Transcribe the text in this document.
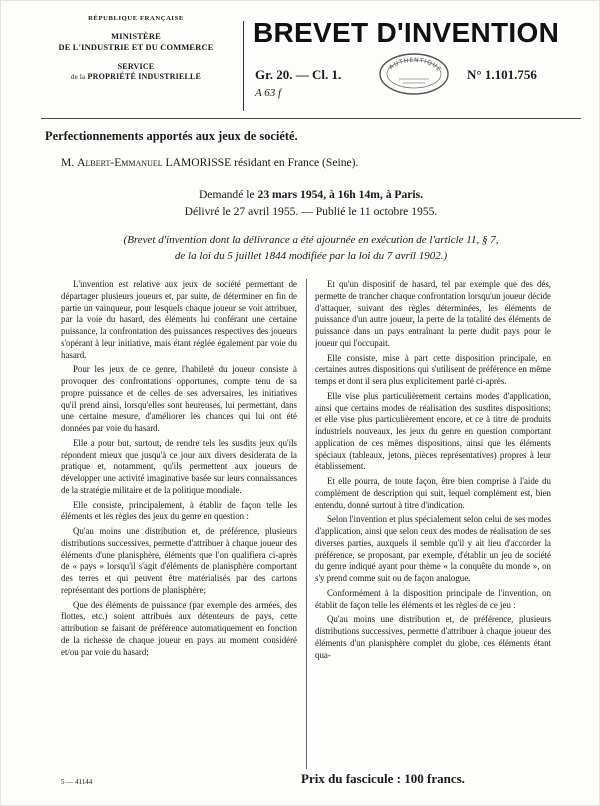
RÉPUBLIQUE FRANÇAISE
MINISTÈRE
DE L'INDUSTRIE ET DU COMMERCE
SERVICE
de la PROPRIÉTÉ INDUSTRIELLE
BREVET D'INVENTION
Gr. 20. — Cl. 1.
A 63 f
N° 1.101.756
AUTHENTIQUE
Perfectionnements apportés aux jeux de société.
M. Albert-Emmanuel LAMORISSE résidant en France (Seine).
Demandé le 23 mars 1954, à 16h 14m, à Paris.
Délivré le 27 avril 1955. — Publié le 11 octobre 1955.
(Brevet d'invention dont la délivrance a été ajournée en exécution de l'article 11, § 7,
de la loi du 5 juillet 1844 modifiée par la loi du 7 avril 1902.)

L'invention est relative aux jeux de société permettant de départager plusieurs joueurs et, par suite, de déterminer en fin de partie un vainqueur, pour lesquels chaque joueur se voit attribuer, par la voie du hasard, des éléments lui conférant une certaine puissance, la confrontation des puissances respectives des joueurs s'opérant à leur initiative, mais étant réglée également par voie du hasard.

Pour les jeux de ce genre, l'habileté du joueur consiste à provoquer des confrontations opportunes, compte tenu de sa propre puissance et de celles de ses adversaires, les initiatives qu'il prend ainsi, lorsqu'elles sont heureuses, lui permettant, dans une certaine mesure, d'améliorer les chances qui lui ont été données par voie du hasard.

Elle a pour but, surtout, de rendre tels les susdits jeux qu'ils répondent mieux que jusqu'à ce jour aux divers desiderata de la pratique et, notamment, qu'ils permettent aux joueurs de développer une activité imaginative basée sur leurs connaissances de la stratégie militaire et de la politique mondiale.

Elle consiste, principalement, à établir de façon telle les éléments et les règles des jeux du genre en question :

Qu'au moins une distribution et, de préférence, plusieurs distributions successives, permette d'attribuer à chaque joueur des éléments d'une planisphère, éléments que l'on qualifiera ci-après de « pays » lorsqu'il s'agit d'éléments de planisphère comportant des terres et qui peuvent être matérialisés par des cartons représentant des portions de planisphère;

Que des éléments de puissance (par exemple des armées, des flottes, etc.) soient attribués aux détenteurs de pays, cette attribution se faisant de préférence automatiquement en fonction de la richesse de chaque joueur en pays au moment considéré et/ou par voie du hasard;

Et qu'un dispositif de hasard, tel par exemple que des dés, permette de trancher chaque confrontation lorsqu'un joueur décide d'attaquer, suivant des règles déterminées, les éléments de puissance d'un autre joueur, la perte de la totalité des éléments de puissance dans un pays entraînant la perte dudit pays pour le joueur qui l'occupait.

Elle consiste, mise à part cette disposition principale, en certaines autres dispositions qui s'utilisent de préférence en même temps et dont il sera plus explicitement parlé ci-après.

Elle vise plus particulièrement certains modes d'application, ainsi que certains modes de réalisation des susdites dispositions; et elle vise plus particulièrement encore, et ce à titre de produits industriels nouveaux, les jeux du genre en question comportant application de ces mêmes dispositions, ainsi que les éléments spéciaux (tableaux, jetons, pièces représentatives) propres à leur établissement.

Et elle pourra, de toute façon, être bien comprise à l'aide du complément de description qui suit, lequel complément est, bien entendu, donné surtout à titre d'indication.

Selon l'invention et plus spécialement selon celui de ses modes d'application, ainsi que selon ceux des modes de réalisation de ses diverses parties, auxquels il semble qu'il y ait lieu d'accorder la préférence, se proposant, par exemple, d'établir un jeu de société du genre indiqué ayant pour thème « la conquête du monde », on s'y prend comme suit ou de façon analogue.

Conformément à la disposition principale de l'invention, on établit de façon telle les éléments et les règles de ce jeu :

Qu'au moins une distribution et, de préférence, plusieurs distributions successives, permette d'attribuer à chaque joueur des éléments d'un planisphère complet du globe, ces éléments étant qua-

5 — 41144	Prix du fascicule : 100 francs.
